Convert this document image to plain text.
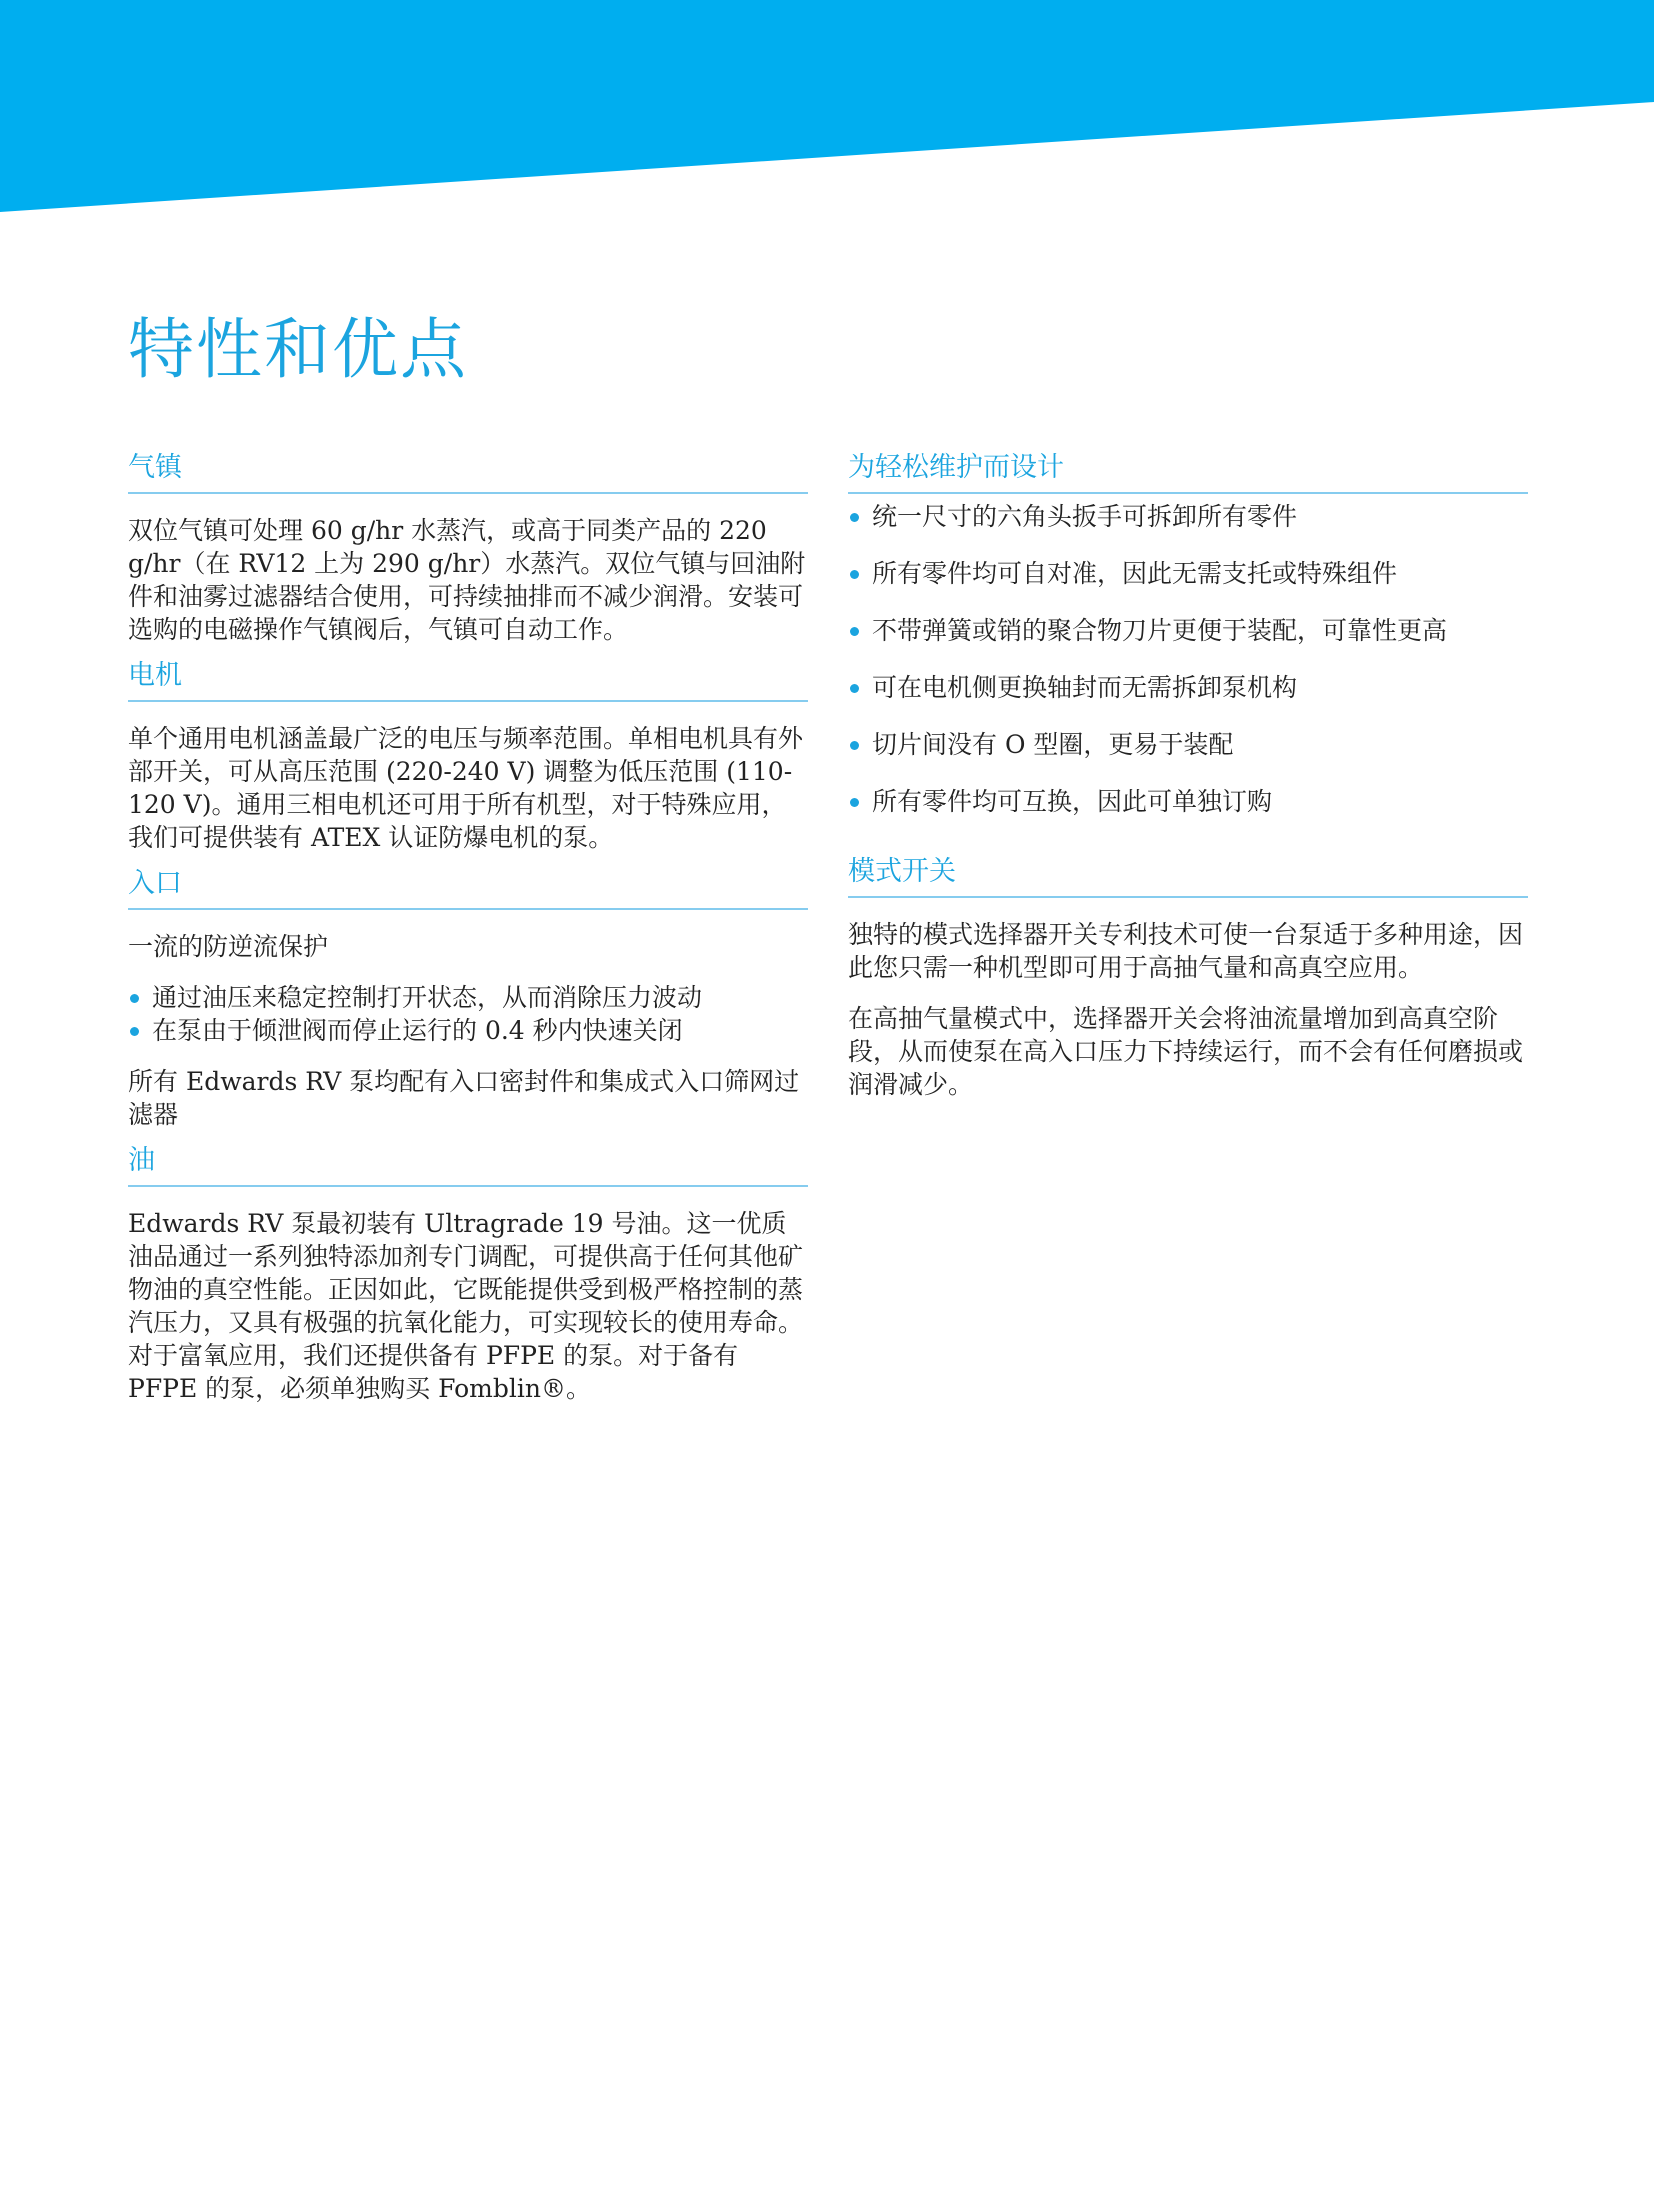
特性和优点
气镇

双位气镇可处理 60 g/hr 水蒸汽，或高于同类产品的 220 g/hr（在 RV12 上为 290 g/hr）水蒸汽。双位气镇与回油附件和油雾过滤器结合使用，可持续抽排而不减少润滑。安装可选购的电磁操作气镇阀后，气镇可自动工作。

电机

单个通用电机涵盖最广泛的电压与频率范围。单相电机具有外部开关，可从高压范围 (220-240 V) 调整为低压范围 (110-120 V)。通用三相电机还可用于所有机型，对于特殊应用，我们可提供装有 ATEX 认证防爆电机的泵。

入口

一流的防逆流保护

通过油压来稳定控制打开状态，从而消除压力波动
在泵由于倾泄阀而停止运行的 0.4 秒内快速关闭

所有 Edwards RV 泵均配有入口密封件和集成式入口筛网过滤器

油

Edwards RV 泵最初装有 Ultragrade 19 号油。这一优质油品通过一系列独特添加剂专门调配，可提供高于任何其他矿物油的真空性能。正因如此，它既能提供受到极严格控制的蒸汽压力，又具有极强的抗氧化能力，可实现较长的使用寿命。对于富氧应用，我们还提供备有 PFPE 的泵。对于备有 PFPE 的泵，必须单独购买 Fomblin®。

为轻松维护而设计
统一尺寸的六角头扳手可拆卸所有零件
所有零件均可自对准，因此无需支托或特殊组件
不带弹簧或销的聚合物刀片更便于装配，可靠性更高
可在电机侧更换轴封而无需拆卸泵机构
切片间没有 O 型圈，更易于装配
所有零件均可互换，因此可单独订购
模式开关

独特的模式选择器开关专利技术可使一台泵适于多种用途，因此您只需一种机型即可用于高抽气量和高真空应用。

在高抽气量模式中，选择器开关会将油流量增加到高真空阶段，从而使泵在高入口压力下持续运行，而不会有任何磨损或润滑减少。
